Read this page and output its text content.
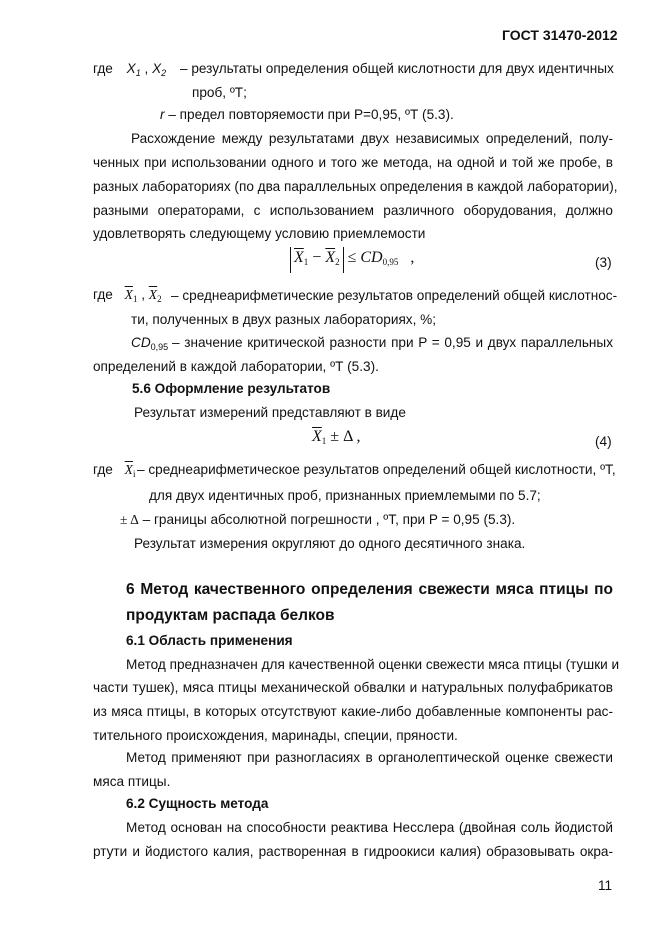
ГОСТ 31470-2012
где $X_1$ , $X_2$ – результаты определения общей кислотности для двух идентичных
проб, ºТ;
r – предел повторяемости при P=0,95, ºТ (5.3).
Расхождение между результатами двух независимых определений, полу-
ченных при использовании одного и того же метода, на одной и той же пробе, в
разных лабораториях (по два параллельных определения в каждой лаборатории),
разными операторами, с использованием различного оборудования, должно
удовлетворять следующему условию приемлемости
$\overline{X}_1 - \overline{X}_2 \le CD_{0,95}$ ,	(3)
где $\overline{X}_1$ , $\overline{X}_2$ – среднеарифметические результатов определений общей кислотнос-
ти, полученных в двух разных лабораториях, %;
$CD_{0,95}$ – значение критической разности при P = 0,95 и двух параллельных
определений в каждой лаборатории, ºТ (5.3).
5.6 Оформление результатов
Результат измерений представляют в виде
$\overline{X}_1 \pm \Delta$ ,	(4)
где $\overline{X}_i$ – среднеарифметическое результатов определений общей кислотности, ºТ,
для двух идентичных проб, признанных приемлемыми по 5.7;
± Δ – границы абсолютной погрешности , ºТ, при P = 0,95 (5.3).
Результат измерения округляют до одного десятичного знака.
6 Метод качественного определения свежести мяса птицы по
продуктам распада белков
6.1 Область применения
Метод предназначен для качественной оценки свежести мяса птицы (тушки и
части тушек), мяса птицы механической обвалки и натуральных полуфабрикатов
из мяса птицы, в которых отсутствуют какие-либо добавленные компоненты рас-
тительного происхождения, маринады, специи, пряности.
Метод применяют при разногласиях в органолептической оценке свежести
мяса птицы.
6.2 Сущность метода
Метод основан на способности реактива Несслера (двойная соль йодистой
ртути и йодистого калия, растворенная в гидроокиси калия) образовывать окра-
11
